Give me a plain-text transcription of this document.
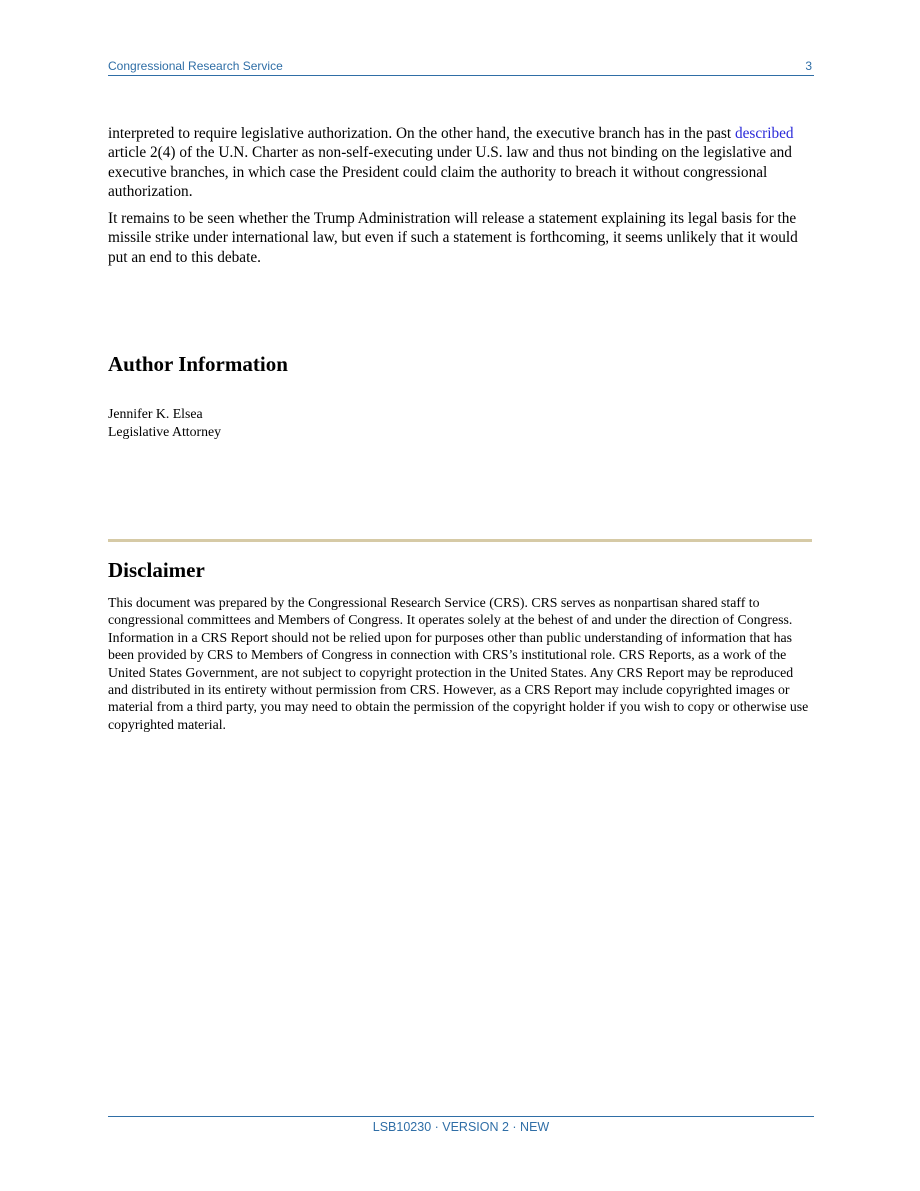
Congressional Research Service	3

interpreted to require legislative authorization. On the other hand, the executive branch has in the past described article 2(4) of the U.N. Charter as non-self-executing under U.S. law and thus not binding on the legislative and executive branches, in which case the President could claim the authority to breach it without congressional authorization.

It remains to be seen whether the Trump Administration will release a statement explaining its legal basis for the missile strike under international law, but even if such a statement is forthcoming, it seems unlikely that it would put an end to this debate.

Author Information
Jennifer K. Elsea
Legislative Attorney
Disclaimer

This document was prepared by the Congressional Research Service (CRS). CRS serves as nonpartisan shared staff to congressional committees and Members of Congress. It operates solely at the behest of and under the direction of Congress. Information in a CRS Report should not be relied upon for purposes other than public understanding of information that has been provided by CRS to Members of Congress in connection with CRS’s institutional role. CRS Reports, as a work of the United States Government, are not subject to copyright protection in the United States. Any CRS Report may be reproduced and distributed in its entirety without permission from CRS. However, as a CRS Report may include copyrighted images or material from a third party, you may need to obtain the permission of the copyright holder if you wish to copy or otherwise use copyrighted material.

LSB10230 · VERSION 2 · NEW
